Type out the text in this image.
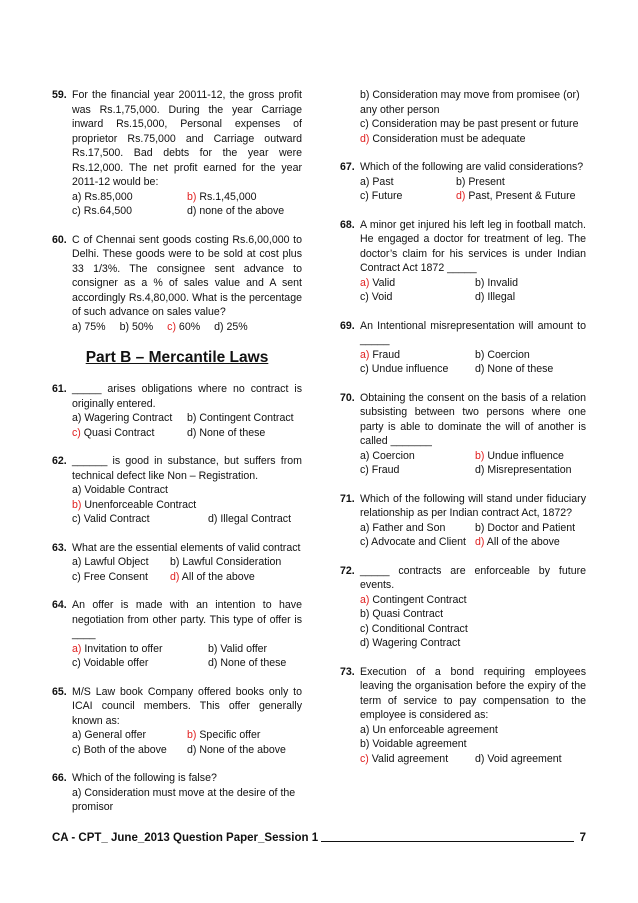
59. For the financial year 20011-12, the gross profit was Rs.1,75,000. During the year Carriage inward Rs.15,000, Personal expenses of proprietor Rs.75,000 and Carriage outward Rs.17,500. Bad debts for the year were Rs.12,000. The net profit earned for the year 2011-12 would be:
a) Rs.85,000	b) Rs.1,45,000
c) Rs.64,500	d) none of the above
60. C of Chennai sent goods costing Rs.6,00,000 to Delhi. These goods were to be sold at cost plus 33 1/3%. The consignee sent advance to consigner as a % of sales value and A sent accordingly Rs.4,80,000. What is the percentage of such advance on sales value?
a) 75% b) 50% c) 60% d) 25%
Part B – Mercantile Laws
61. _____ arises obligations where no contract is originally entered.
a) Wagering Contract	b) Contingent Contract
c) Quasi Contract	d) None of these
62. ______ is good in substance, but suffers from technical defect like Non – Registration.
a) Voidable Contract
b) Unenforceable Contract
c) Valid Contract	d) Illegal Contract
63. What are the essential elements of valid contract
a) Lawful Object	b) Lawful Consideration
c) Free Consent	d) All of the above
64. An offer is made with an intention to have negotiation from other party. This type of offer is ____
a) Invitation to offer	b) Valid offer
c) Voidable offer	d) None of these
65. M/S Law book Company offered books only to ICAI council members. This offer generally known as:
a) General offer	b) Specific offer
c) Both of the above	d) None of the above
66. Which of the following is false?
a) Consideration must move at the desire of the promisor
b) Consideration may move from promisee (or) any other person
c) Consideration may be past present or future
d) Consideration must be adequate
67. Which of the following are valid considerations?
a) Past	b) Present
c) Future	d) Past, Present & Future
68. A minor get injured his left leg in football match. He engaged a doctor for treatment of leg. The doctor’s claim for his services is under Indian Contract Act 1872 _____
a) Valid	b) Invalid
c) Void	d) Illegal
69. An Intentional misrepresentation will amount to _____
a) Fraud	b) Coercion
c) Undue influence	d) None of these
70. Obtaining the consent on the basis of a relation subsisting between two persons where one party is able to dominate the will of another is called _______
a) Coercion	b) Undue influence
c) Fraud	d) Misrepresentation
71. Which of the following will stand under fiduciary relationship as per Indian contract Act, 1872?
a) Father and Son	b) Doctor and Patient
c) Advocate and Client d) All of the above
72. _____ contracts are enforceable by future events.
a) Contingent Contract
b) Quasi Contract
c) Conditional Contract
d) Wagering Contract
73. Execution of a bond requiring employees leaving the organisation before the expiry of the term of service to pay compensation to the employee is considered as:
a) Un enforceable agreement
b) Voidable agreement
c) Valid agreement	d) Void agreement
CA - CPT_ June_2013 Question Paper_Session 1	7
